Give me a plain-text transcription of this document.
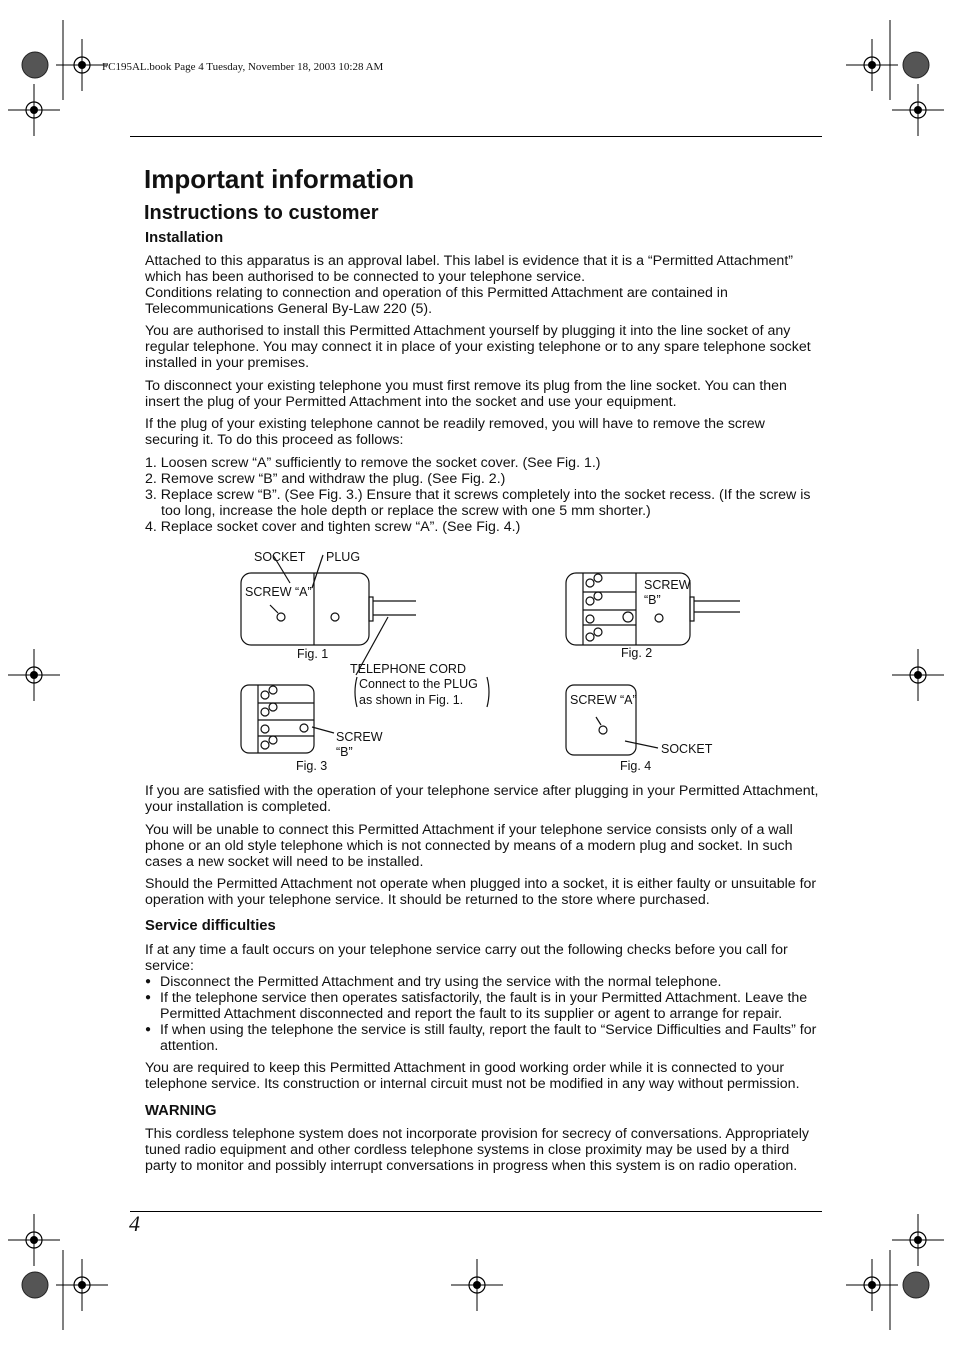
FC195AL.book Page 4 Tuesday, November 18, 2003 10:28 AM
Important information
Instructions to customer
Installation
Attached to this apparatus is an approval label. This label is evidence that it is a “Permitted Attachment” which has been authorised to be connected to your telephone service.
Conditions relating to connection and operation of this Permitted Attachment are contained in Telecommunications General By-Law 220 (5).
You are authorised to install this Permitted Attachment yourself by plugging it into the line socket of any regular telephone. You may connect it in place of your existing telephone or to any spare telephone socket installed in your premises.
To disconnect your existing telephone you must first remove its plug from the line socket. You can then insert the plug of your Permitted Attachment into the socket and use your equipment.
If the plug of your existing telephone cannot be readily removed, you will have to remove the screw securing it. To do this proceed as follows:
1. Loosen screw “A” sufficiently to remove the socket cover. (See Fig. 1.)
2. Remove screw “B” and withdraw the plug. (See Fig. 2.)
3. Replace screw “B”. (See Fig. 3.) Ensure that it screws completely into the socket recess. (If the screw is too long, increase the hole depth or replace the screw with one 5 mm shorter.)
4. Replace socket cover and tighten screw “A”. (See Fig. 4.)
SOCKET PLUG
SCREW “A”
Fig. 1
TELEPHONE CORD
Connect to the PLUG
as shown in Fig. 1.
SCREW
“B”
Fig. 2
SCREW
“B”
Fig. 3
SCREW “A”
SOCKET
Fig. 4
If you are satisfied with the operation of your telephone service after plugging in your Permitted Attachment, your installation is completed.
You will be unable to connect this Permitted Attachment if your telephone service consists only of a wall phone or an old style telephone which is not connected by means of a modern plug and socket. In such cases a new socket will need to be installed.
Should the Permitted Attachment not operate when plugged into a socket, it is either faulty or unsuitable for operation with your telephone service. It should be returned to the store where purchased.
Service difficulties
If at any time a fault occurs on your telephone service carry out the following checks before you call for service:
● Disconnect the Permitted Attachment and try using the service with the normal telephone.
● If the telephone service then operates satisfactorily, the fault is in your Permitted Attachment. Leave the Permitted Attachment disconnected and report the fault to its supplier or agent to arrange for repair.
● If when using the telephone the service is still faulty, report the fault to “Service Difficulties and Faults” for attention.
You are required to keep this Permitted Attachment in good working order while it is connected to your telephone service. Its construction or internal circuit must not be modified in any way without permission.
WARNING
This cordless telephone system does not incorporate provision for secrecy of conversations. Appropriately tuned radio equipment and other cordless telephone systems in close proximity may be used by a third party to monitor and possibly interrupt conversations in progress when this system is on radio operation.
4
